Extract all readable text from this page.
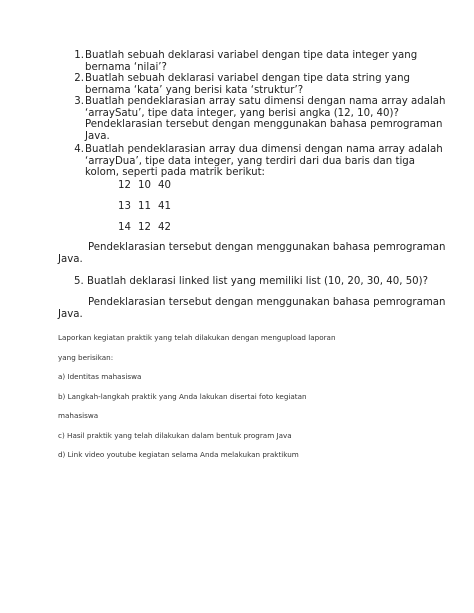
1. Buatlah sebuah deklarasi variabel dengan tipe data integer yang
bernama ‘nilai’?
2. Buatlah sebuah deklarasi variabel dengan tipe data string yang
bernama ‘kata’ yang berisi kata ‘struktur’?
3. Buatlah pendeklarasian array satu dimensi dengan nama array adalah
‘arraySatu’, tipe data integer, yang berisi angka (12, 10, 40)?
Pendeklarasian tersebut dengan menggunakan bahasa pemrograman
Java.
4. Buatlah pendeklarasian array dua dimensi dengan nama array adalah
‘arrayDua’, tipe data integer, yang terdiri dari dua baris dan tiga
kolom, seperti pada matrik berikut:
12 10 40
13 11 41
14 12 42
Pendeklarasian tersebut dengan menggunakan bahasa pemrograman
Java.
5. Buatlah deklarasi linked list yang memiliki list (10, 20, 30, 40, 50)?
Pendeklarasian tersebut dengan menggunakan bahasa pemrograman
Java.
Laporkan kegiatan praktik yang telah dilakukan dengan mengupload laporan
yang berisikan:
a) Identitas mahasiswa
b) Langkah-langkah praktik yang Anda lakukan disertai foto kegiatan
mahasiswa
c) Hasil praktik yang telah dilakukan dalam bentuk program Java
d) Link video youtube kegiatan selama Anda melakukan praktikum
